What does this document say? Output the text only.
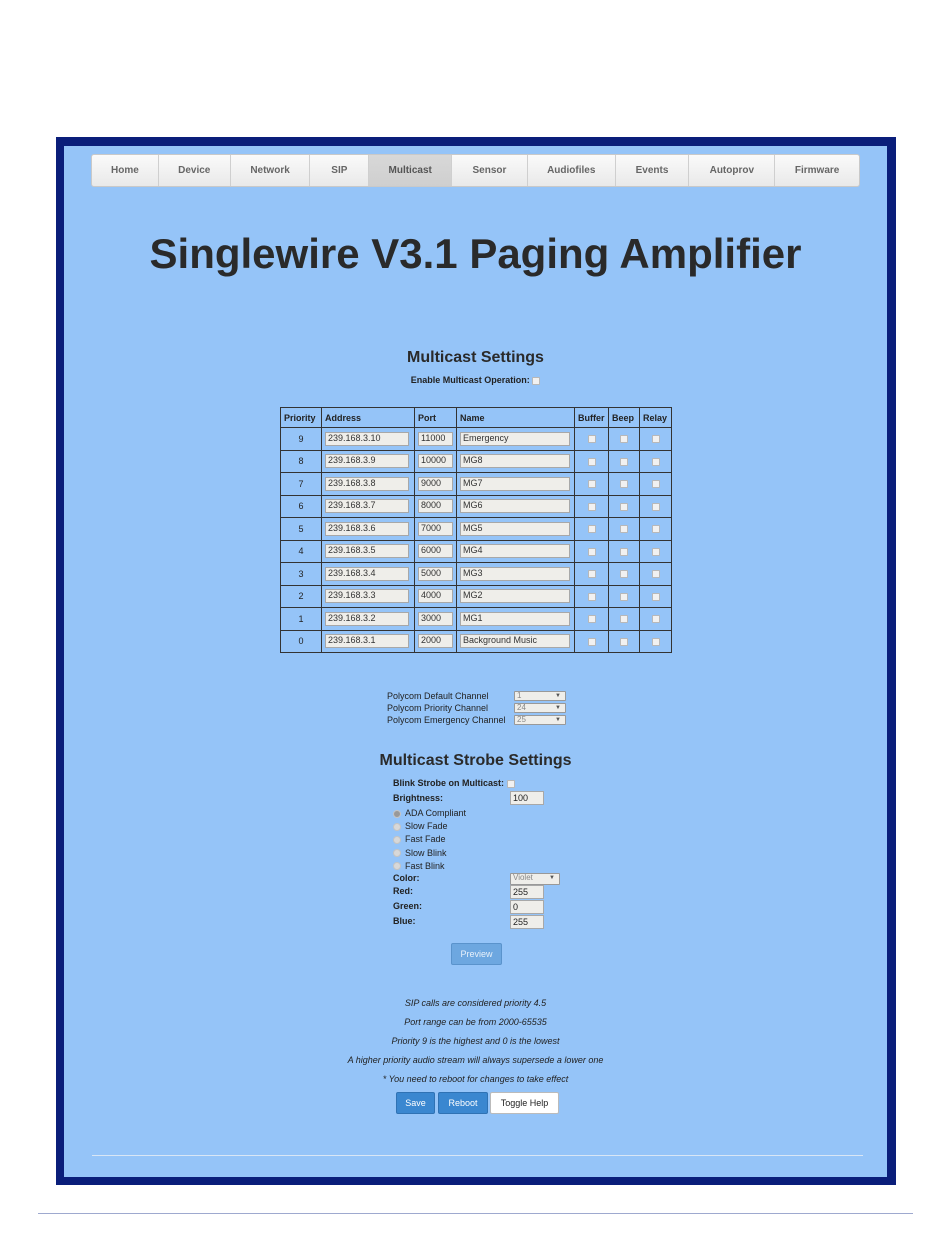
Home	Device	Network	SIP	Multicast	Sensor	Audiofiles	Events	Autoprov	Firmware
Singlewire V3.1 Paging Amplifier
Multicast Settings
Enable Multicast Operation:
Priority	Address	Port	Name	Buffer	Beep	Relay
9	239.168.3.10	11000	Emergency			

8	239.168.3.9	10000	MG8			

7	239.168.3.8	9000	MG7			

6	239.168.3.7	8000	MG6			

5	239.168.3.6	7000	MG5			

4	239.168.3.5	6000	MG4			

3	239.168.3.4	5000	MG3			

2	239.168.3.3	4000	MG2			

1	239.168.3.2	3000	MG1			

0	239.168.3.1	2000	Background Music			

Polycom Default Channel	1	▼
Polycom Priority Channel	24	▼
Polycom Emergency Channel	25	▼
Multicast Strobe Settings
Blink Strobe on Multicast:
Brightness:	100
ADA Compliant
Slow Fade
Fast Fade
Slow Blink
Fast Blink
Color:	Violet	▼
Red:	255
Green:	0
Blue:	255
Preview
SIP calls are considered priority 4.5
Port range can be from 2000-65535
Priority 9 is the highest and 0 is the lowest
A higher priority audio stream will always supersede a lower one
* You need to reboot for changes to take effect
Save	Reboot	Toggle Help
